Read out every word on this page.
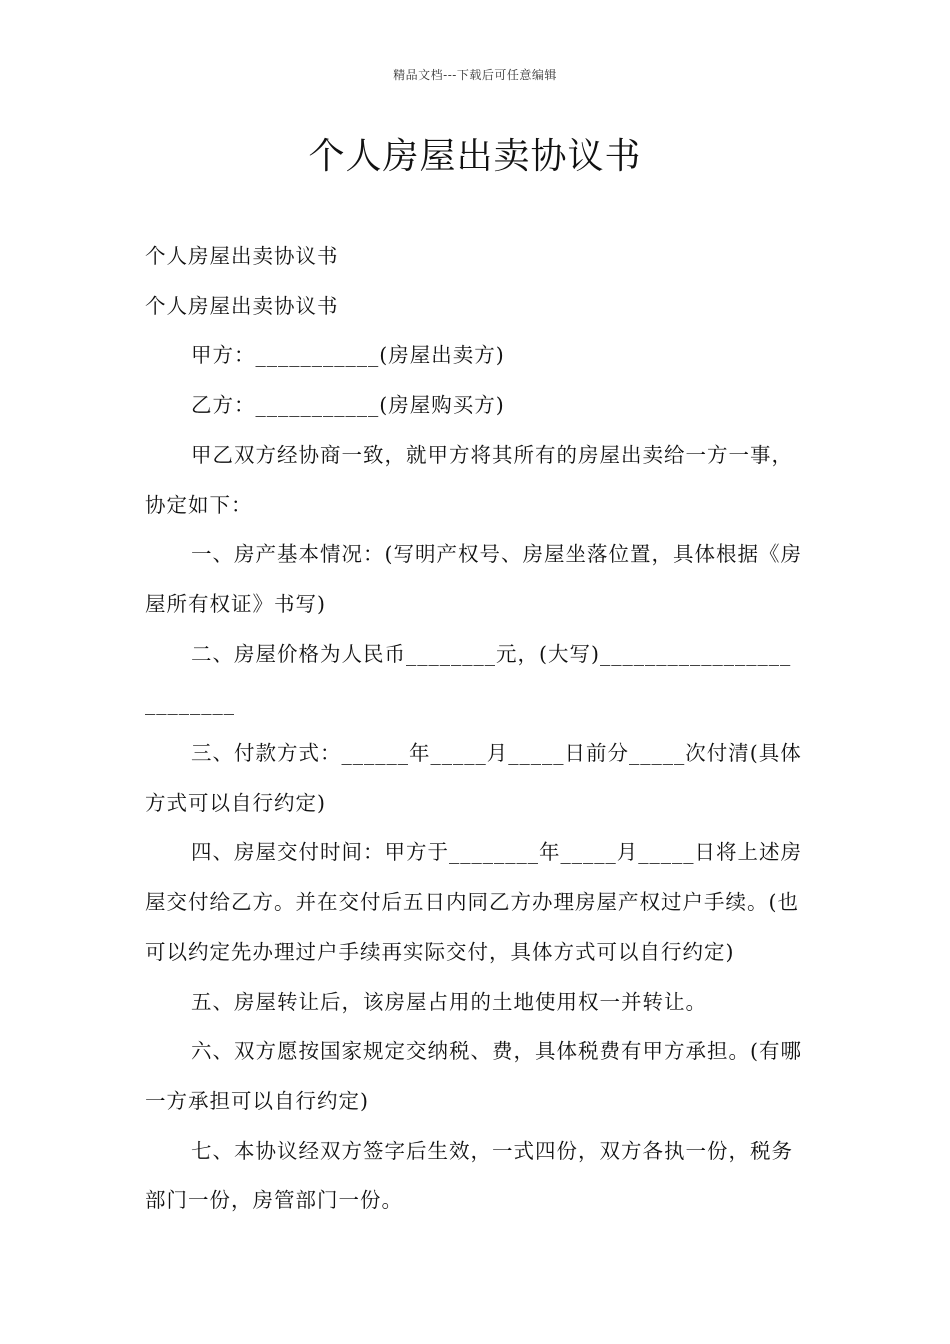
精品文档---下载后可任意编辑
个人房屋出卖协议书

个人房屋出卖协议书

个人房屋出卖协议书

甲方：___________(房屋出卖方)

乙方：___________(房屋购买方)

甲乙双方经协商一致，就甲方将其所有的房屋出卖给一方一事，协定如下：

一、房产基本情况：(写明产权号、房屋坐落位置，具体根据《房屋所有权证》书写)

二、房屋价格为人民币________元，(大写)_________________ ________

三、付款方式：______年_____月_____日前分_____次付清(具体方式可以自行约定)

四、房屋交付时间：甲方于________年_____月_____日将上述房屋交付给乙方。并在交付后五日内同乙方办理房屋产权过户手续。(也可以约定先办理过户手续再实际交付，具体方式可以自行约定)

五、房屋转让后，该房屋占用的土地使用权一并转让。

六、双方愿按国家规定交纳税、费，具体税费有甲方承担。(有哪一方承担可以自行约定)

七、本协议经双方签字后生效，一式四份，双方各执一份，税务部门一份，房管部门一份。
